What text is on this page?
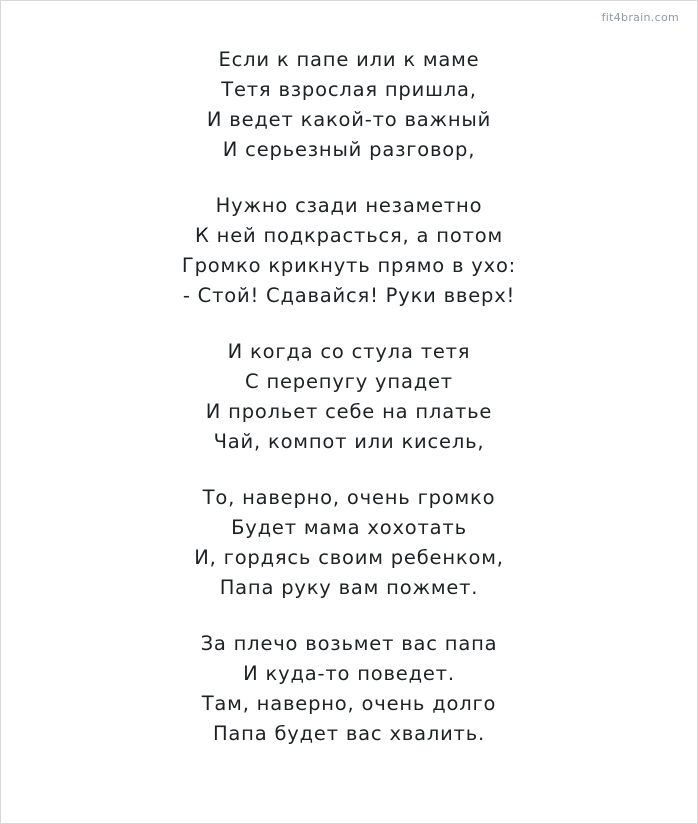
fit4brain.com
Если к папе или к маме
Тетя взрослая пришла,
И ведет какой-то важный
И серьезный разговор,
Нужно сзади незаметно
К ней подкрасться, а потом
Громко крикнуть прямо в ухо:
- Стой! Сдавайся! Руки вверх!
И когда со стула тетя
С перепугу упадет
И прольет себе на платье
Чай, компот или кисель,
То, наверно, очень громко
Будет мама хохотать
И, гордясь своим ребенком,
Папа руку вам пожмет.
За плечо возьмет вас папа
И куда-то поведет.
Там, наверно, очень долго
Папа будет вас хвалить.
